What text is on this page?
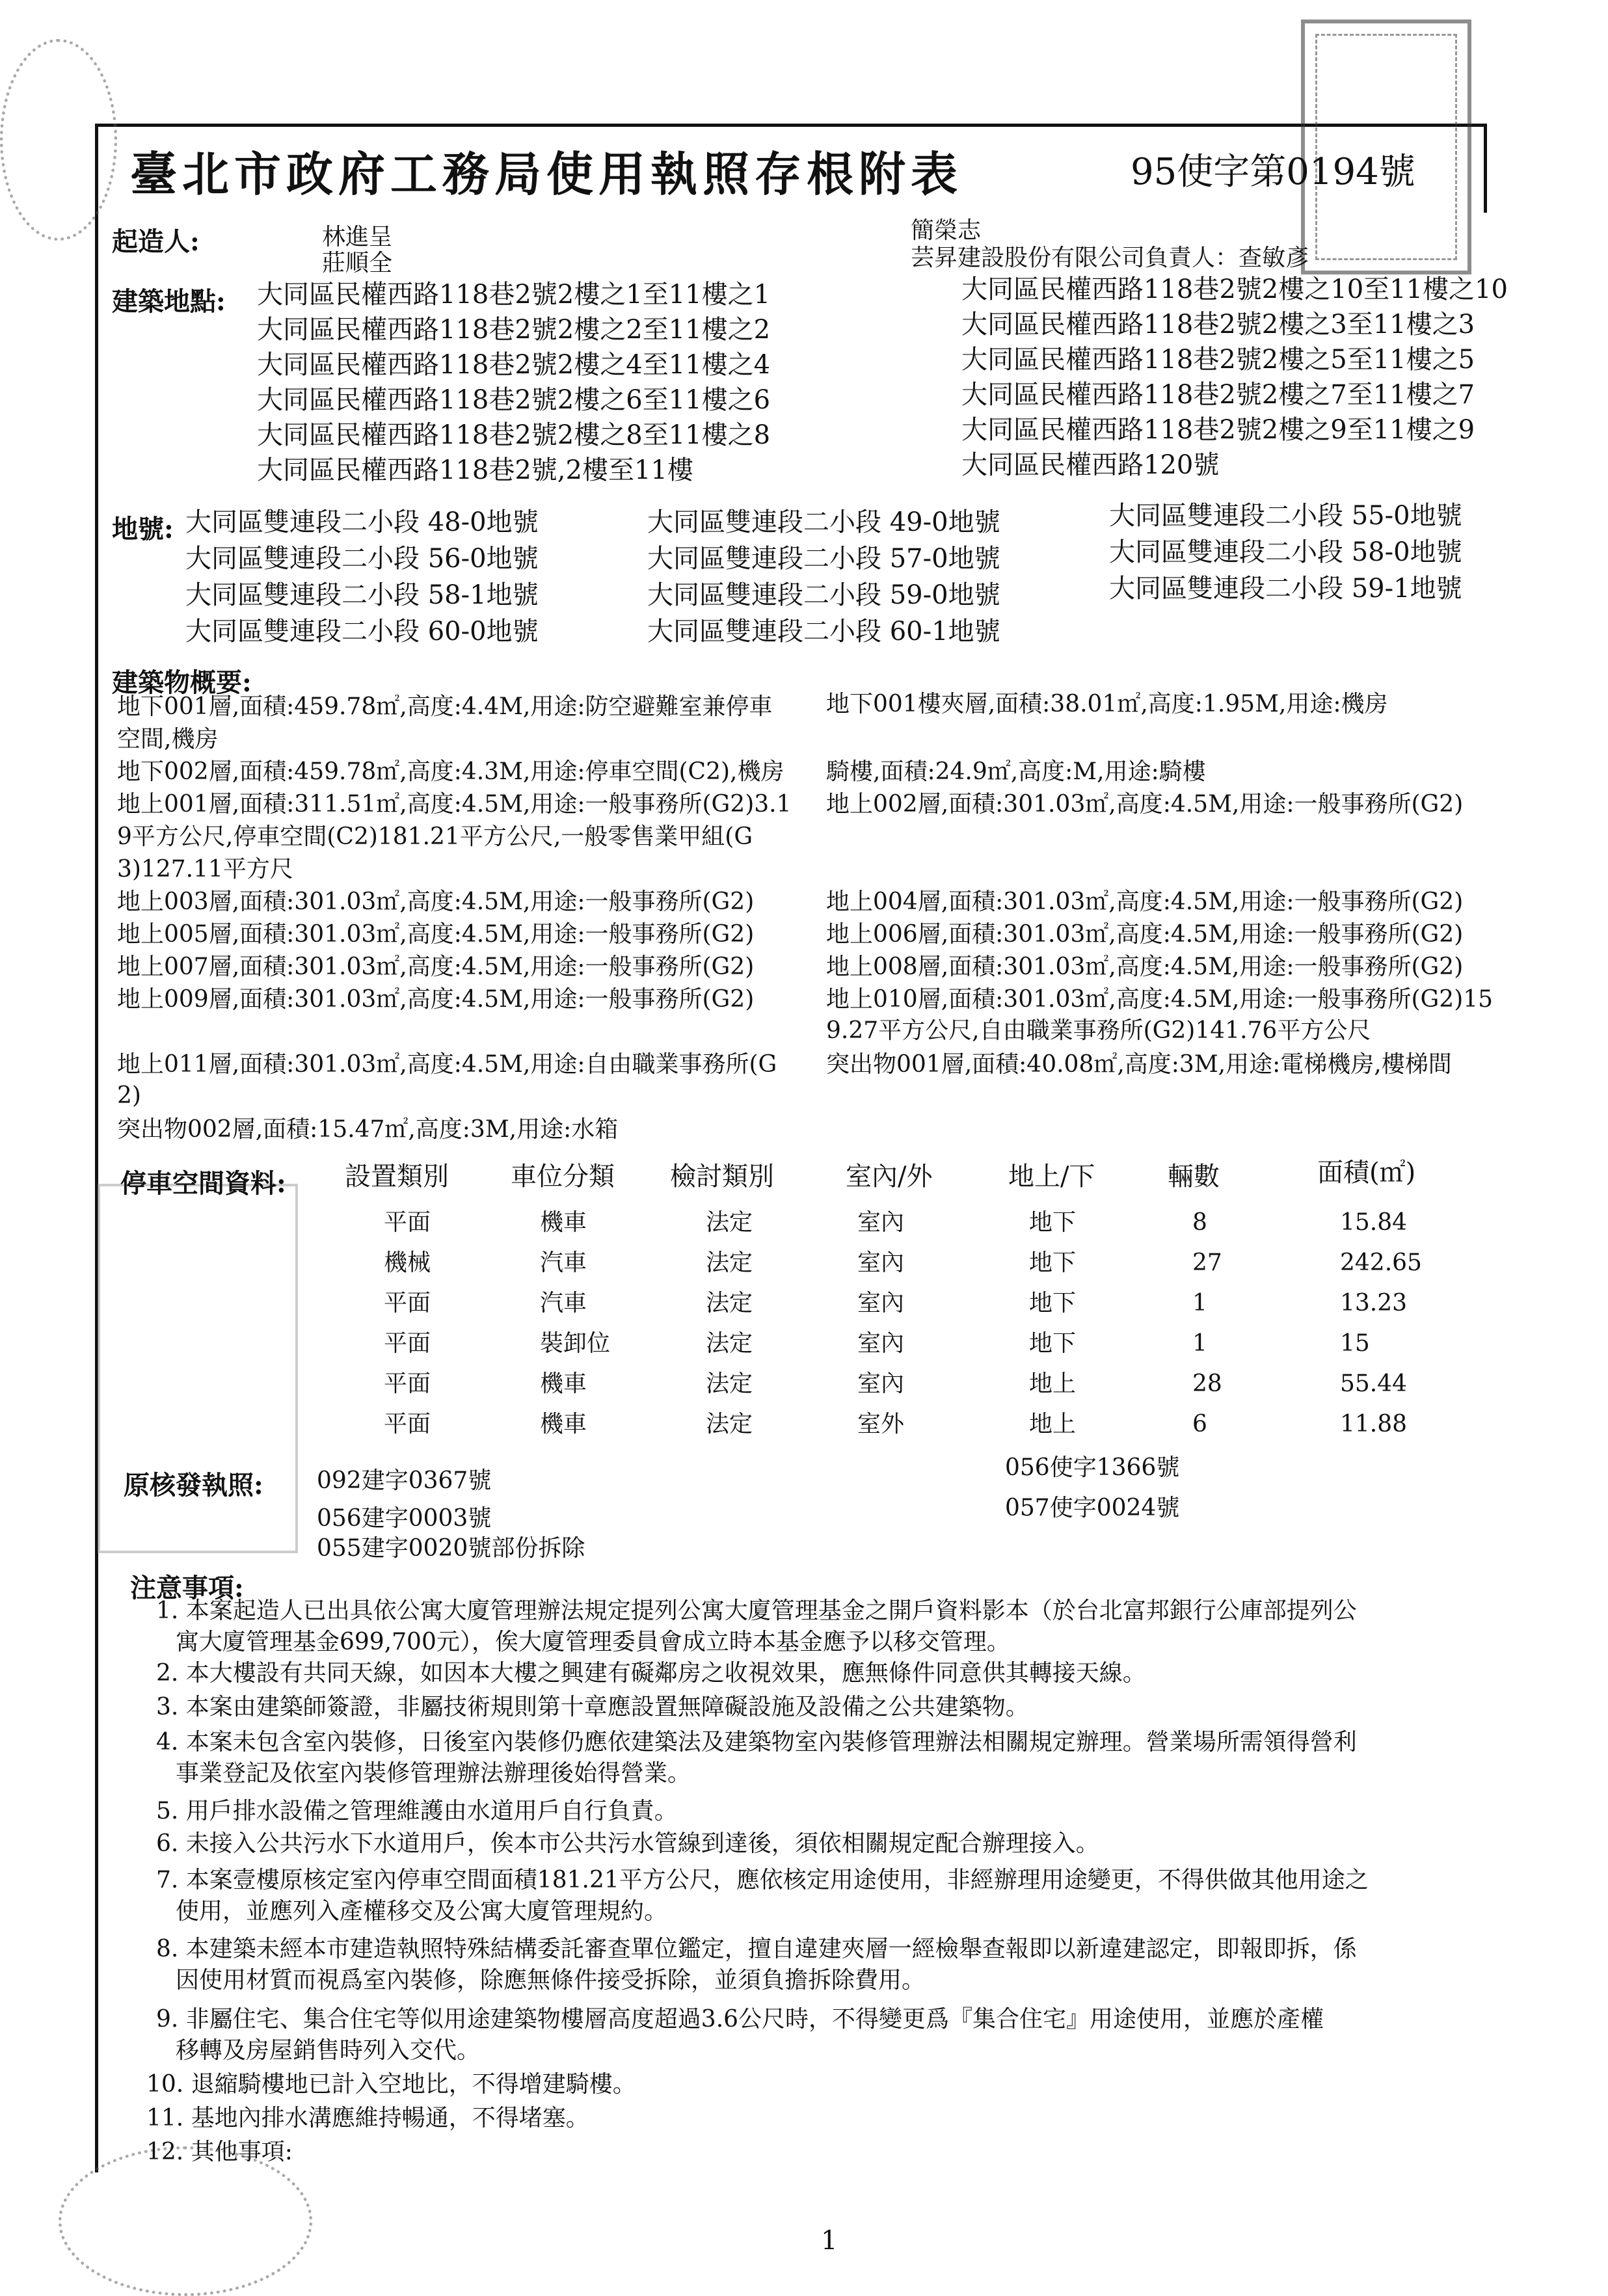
臺北市政府工務局使用執照存根附表	95使字第0194號
起造人:	林進呈
莊順全
簡榮志
芸昇建設股份有限公司負責人：查敏彥
建築地點: 大同區民權西路118巷2號2樓之1至11樓之1
大同區民權西路118巷2號2樓之2至11樓之2
大同區民權西路118巷2號2樓之4至11樓之4
大同區民權西路118巷2號2樓之6至11樓之6
大同區民權西路118巷2號2樓之8至11樓之8
大同區民權西路118巷2號,2樓至11樓
大同區民權西路118巷2號2樓之10至11樓之10
大同區民權西路118巷2號2樓之3至11樓之3
大同區民權西路118巷2號2樓之5至11樓之5
大同區民權西路118巷2號2樓之7至11樓之7
大同區民權西路118巷2號2樓之9至11樓之9
大同區民權西路120號
地號: 大同區雙連段二小段 48-0地號	大同區雙連段二小段 49-0地號	大同區雙連段二小段 55-0地號
大同區雙連段二小段 56-0地號	大同區雙連段二小段 57-0地號	大同區雙連段二小段 58-0地號
大同區雙連段二小段 58-1地號	大同區雙連段二小段 59-0地號	大同區雙連段二小段 59-1地號
大同區雙連段二小段 60-0地號	大同區雙連段二小段 60-1地號
建築物概要:
地下001層,面積:459.78㎡,高度:4.4M,用途:防空避難室兼停車
空間,機房
地下002層,面積:459.78㎡,高度:4.3M,用途:停車空間(C2),機房
地上001層,面積:311.51㎡,高度:4.5M,用途:一般事務所(G2)3.1
9平方公尺,停車空間(C2)181.21平方公尺,一般零售業甲組(G
3)127.11平方尺
地上003層,面積:301.03㎡,高度:4.5M,用途:一般事務所(G2)
地上005層,面積:301.03㎡,高度:4.5M,用途:一般事務所(G2)
地上007層,面積:301.03㎡,高度:4.5M,用途:一般事務所(G2)
地上009層,面積:301.03㎡,高度:4.5M,用途:一般事務所(G2)
地上011層,面積:301.03㎡,高度:4.5M,用途:自由職業事務所(G
2)
突出物002層,面積:15.47㎡,高度:3M,用途:水箱
地下001樓夾層,面積:38.01㎡,高度:1.95M,用途:機房
騎樓,面積:24.9㎡,高度:M,用途:騎樓
地上002層,面積:301.03㎡,高度:4.5M,用途:一般事務所(G2)
地上004層,面積:301.03㎡,高度:4.5M,用途:一般事務所(G2)
地上006層,面積:301.03㎡,高度:4.5M,用途:一般事務所(G2)
地上008層,面積:301.03㎡,高度:4.5M,用途:一般事務所(G2)
地上010層,面積:301.03㎡,高度:4.5M,用途:一般事務所(G2)15
9.27平方公尺,自由職業事務所(G2)141.76平方公尺
突出物001層,面積:40.08㎡,高度:3M,用途:電梯機房,樓梯間
停車空間資料: 設置類別 車位分類 檢討類別	室內/外	地上/下	輛數	面積(㎡)
平面	機車	法定	室內	地下	8	15.84
機械	汽車	法定	室內	地下	27	242.65
平面	汽車	法定	室內	地下	1	13.23
平面	裝卸位	法定	室內	地下	1	15
平面	機車	法定	室內	地上	28	55.44
平面	機車	法定	室外	地上	6	11.88
原核發執照: 092建字0367號
056建字0003號
055建字0020號部份拆除
056使字1366號
057使字0024號
注意事項:
1. 本案起造人已出具依公寓大廈管理辦法規定提列公寓大廈管理基金之開戶資料影本（於台北富邦銀行公庫部提列公
寓大廈管理基金699,700元），俟大廈管理委員會成立時本基金應予以移交管理。
2. 本大樓設有共同天線，如因本大樓之興建有礙鄰房之收視效果，應無條件同意供其轉接天線。
3. 本案由建築師簽證，非屬技術規則第十章應設置無障礙設施及設備之公共建築物。
4. 本案未包含室內裝修，日後室內裝修仍應依建築法及建築物室內裝修管理辦法相關規定辦理。營業場所需領得營利
事業登記及依室內裝修管理辦法辦理後始得營業。
5. 用戶排水設備之管理維護由水道用戶自行負責。
6. 未接入公共污水下水道用戶，俟本市公共污水管線到達後，須依相關規定配合辦理接入。
7. 本案壹樓原核定室內停車空間面積181.21平方公尺，應依核定用途使用，非經辦理用途變更，不得供做其他用途之
使用，並應列入產權移交及公寓大廈管理規約。
8. 本建築未經本市建造執照特殊結構委託審查單位鑑定，擅自違建夾層一經檢舉查報即以新違建認定，即報即拆，係
因使用材質而視爲室內裝修，除應無條件接受拆除，並須負擔拆除費用。
9. 非屬住宅、集合住宅等似用途建築物樓層高度超過3.6公尺時，不得變更爲『集合住宅』用途使用，並應於產權
移轉及房屋銷售時列入交代。
10. 退縮騎樓地已計入空地比，不得增建騎樓。
11. 基地內排水溝應維持暢通，不得堵塞。
12. 其他事項:
1
